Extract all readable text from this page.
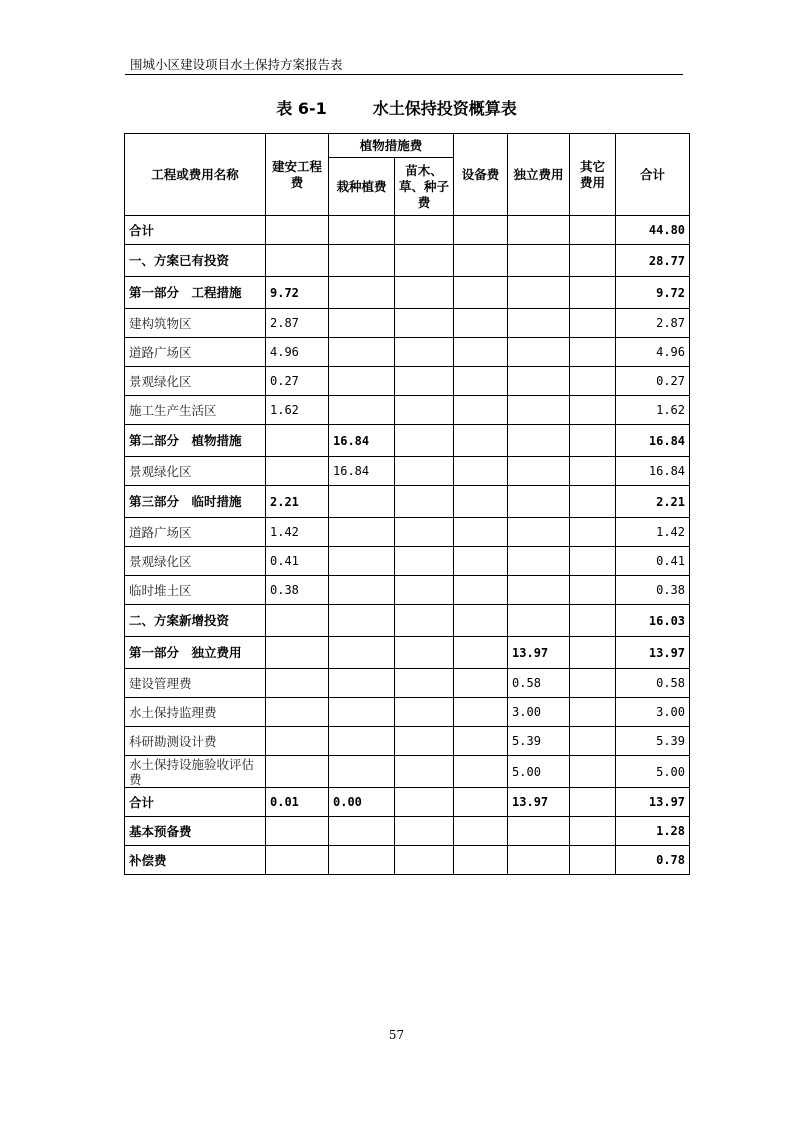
围城小区建设项目水土保持方案报告表
表 6-1	水土保持投资概算表
工程或费用名称	建安工程费	植物措施费		设备费	独立费用	其它费用	合计
		栽种植费	苗木、草、种子费				
合计							44.80
一、方案已有投资							28.77
第一部分　工程措施	9.72						9.72
建构筑物区	2.87						2.87
道路广场区	4.96						4.96
景观绿化区	0.27						0.27
施工生产生活区	1.62						1.62
第二部分　植物措施		16.84					16.84
景观绿化区		16.84					16.84
第三部分　临时措施	2.21						2.21
道路广场区	1.42						1.42
景观绿化区	0.41						0.41
临时堆土区	0.38						0.38
二、方案新增投资							16.03
第一部分　独立费用					13.97		13.97
建设管理费					0.58		0.58
水土保持监理费					3.00		3.00
科研勘测设计费					5.39		5.39
水土保持设施验收评估费					5.00		5.00
合计	0.01	0.00			13.97		13.97
基本预备费							1.28
补偿费							0.78
57
